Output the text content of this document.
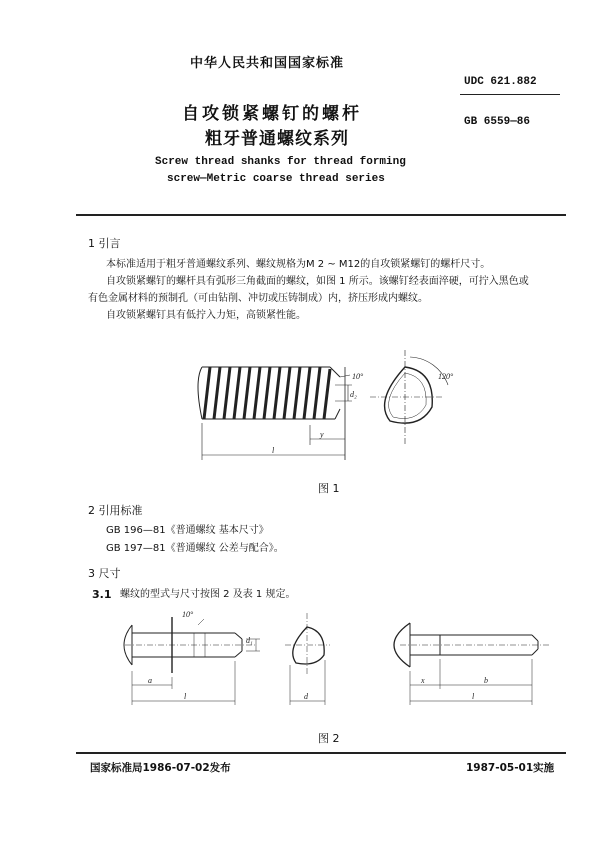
中华人民共和国国家标准
UDC 621.882
自攻锁紧螺钉的螺杆
粗牙普通螺纹系列
GB 6559—86
Screw thread shanks for thread forming
screw—Metric coarse thread series
1 引言
本标准适用于粗牙普通螺纹系列、螺纹规格为M 2 ~ M12的自攻锁紧螺钉的螺杆尺寸。
自攻锁紧螺钉的螺杆具有弧形三角截面的螺纹，如图 1 所示。该螺钉经表面淬硬，可拧入黑色或
有色金属材料的预制孔（可由钻削、冲切或压铸制成）内，挤压形成内螺纹。
自攻锁紧螺钉具有低拧入力矩，高锁紧性能。
10°
d₂
y
l
120°
图 1
2 引用标准
GB 196—81《普通螺纹 基本尺寸》
GB 197—81《普通螺纹 公差与配合》。
3 尺寸
3.1 螺纹的型式与尺寸按图 2 及表 1 规定。
10°
d₁
a
l	d
x	b
l
图 2
国家标准局1986-07-02发布	1987-05-01实施
